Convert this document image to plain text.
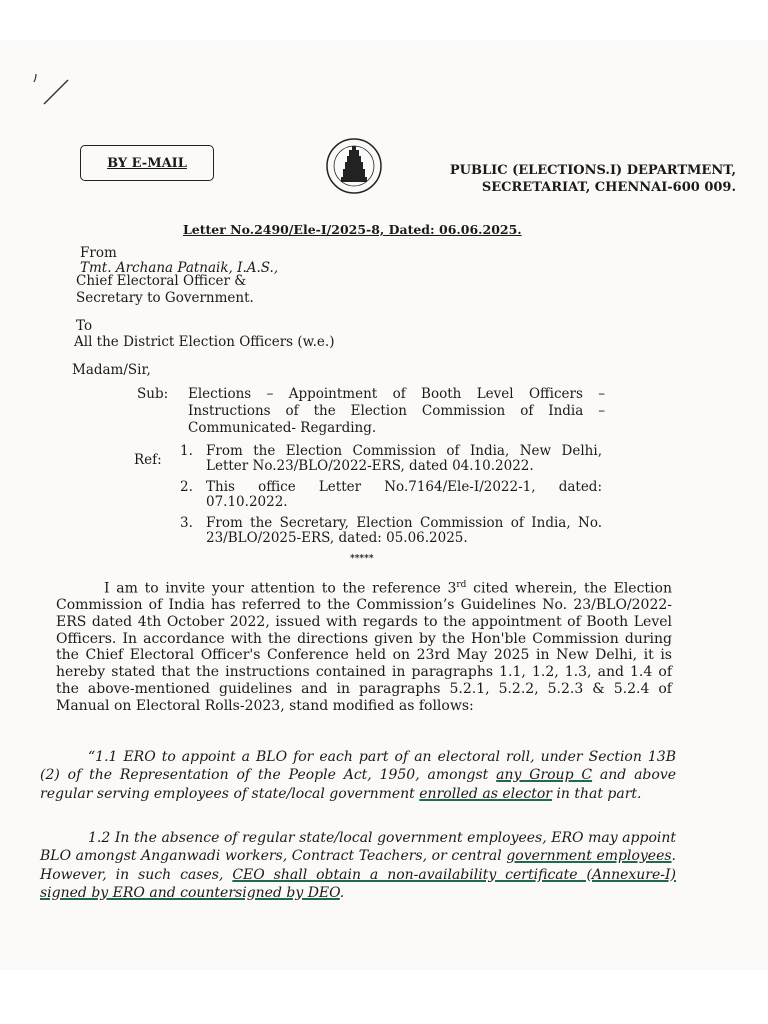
BY E-MAIL	PUBLIC (ELECTIONS.I) DEPARTMENT,
SECRETARIAT, CHENNAI-600 009.
Letter No.2490/Ele-I/2025-8, Dated: 06.06.2025.
From
Tmt. Archana Patnaik, I.A.S.,
Chief Electoral Officer &
Secretary to Government.
To
All the District Election Officers (w.e.)
Madam/Sir,
Sub: Elections – Appointment of Booth Level Officers – Instructions of the Election Commission of India – Communicated- Regarding.
Ref:
1. From the Election Commission of India, New Delhi, Letter No.23/BLO/2022-ERS, dated 04.10.2022.
2. This office Letter No.7164/Ele-I/2022-1, dated: 07.10.2022.
3. From the Secretary, Election Commission of India, No. 23/BLO/2025-ERS, dated: 05.06.2025.
*****
I am to invite your attention to the reference 3rd cited wherein, the Election Commission of India has referred to the Commission’s Guidelines No. 23/BLO/2022-ERS dated 4th October 2022, issued with regards to the appointment of Booth Level Officers. In accordance with the directions given by the Hon'ble Commission during the Chief Electoral Officer's Conference held on 23rd May 2025 in New Delhi, it is hereby stated that the instructions contained in paragraphs 1.1, 1.2, 1.3, and 1.4 of the above-mentioned guidelines and in paragraphs 5.2.1, 5.2.2, 5.2.3 & 5.2.4 of Manual on Electoral Rolls-2023, stand modified as follows:
“1.1 ERO to appoint a BLO for each part of an electoral roll, under Section 13B (2) of the Representation of the People Act, 1950, amongst any Group C and above regular serving employees of state/local government enrolled as elector in that part.
1.2 In the absence of regular state/local government employees, ERO may appoint BLO amongst Anganwadi workers, Contract Teachers, or central government employees. However, in such cases, CEO shall obtain a non-availability certificate (Annexure-I) signed by ERO and countersigned by DEO.
